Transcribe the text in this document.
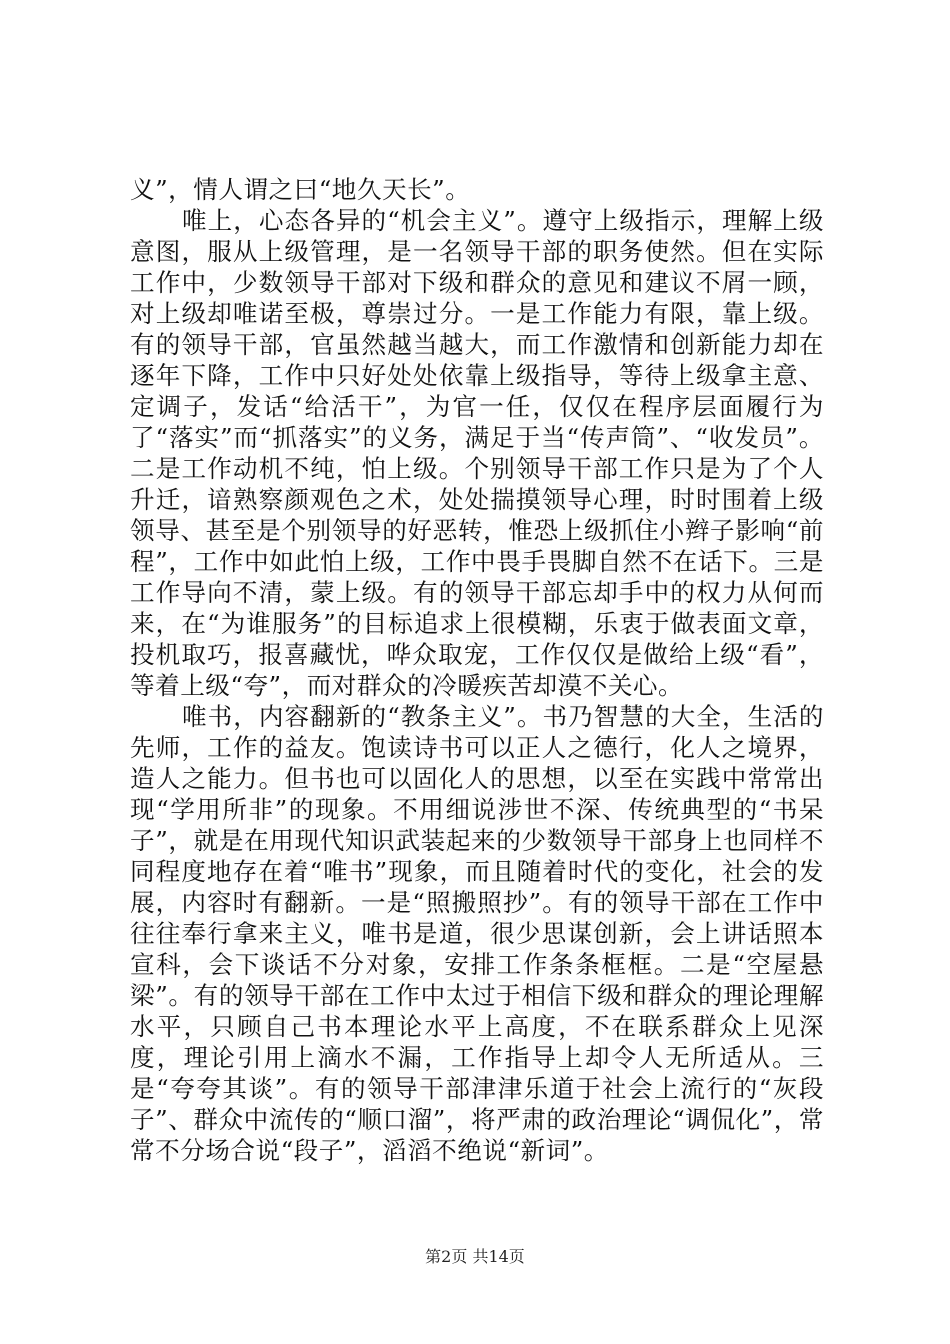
义”，情人谓之曰“地久天长”。

唯上，心态各异的“机会主义”。遵守上级指示，理解上级意图，服从上级管理，是一名领导干部的职务使然。但在实际工作中，少数领导干部对下级和群众的意见和建议不屑一顾，对上级却唯诺至极，尊崇过分。一是工作能力有限，靠上级。有的领导干部，官虽然越当越大，而工作激情和创新能力却在逐年下降，工作中只好处处依靠上级指导，等待上级拿主意、定调子，发话“给活干”，为官一任，仅仅在程序层面履行为了“落实”而“抓落实”的义务，满足于当“传声筒”、“收发员”。二是工作动机不纯，怕上级。个别领导干部工作只是为了个人升迁，谙熟察颜观色之术，处处揣摸领导心理，时时围着上级领导、甚至是个别领导的好恶转，惟恐上级抓住小辫子影响“前程”，工作中如此怕上级，工作中畏手畏脚自然不在话下。三是工作导向不清，蒙上级。有的领导干部忘却手中的权力从何而来，在“为谁服务”的目标追求上很模糊，乐衷于做表面文章，投机取巧，报喜藏忧，哗众取宠，工作仅仅是做给上级“看”，等着上级“夸”，而对群众的冷暖疾苦却漠不关心。

唯书，内容翻新的“教条主义”。书乃智慧的大全，生活的先师，工作的益友。饱读诗书可以正人之德行，化人之境界，造人之能力。但书也可以固化人的思想，以至在实践中常常出现“学用所非”的现象。不用细说涉世不深、传统典型的“书呆子”，就是在用现代知识武装起来的少数领导干部身上也同样不同程度地存在着“唯书”现象，而且随着时代的变化，社会的发展，内容时有翻新。一是“照搬照抄”。有的领导干部在工作中往往奉行拿来主义，唯书是道，很少思谋创新，会上讲话照本宣科，会下谈话不分对象，安排工作条条框框。二是“空屋悬梁”。有的领导干部在工作中太过于相信下级和群众的理论理解水平，只顾自己书本理论水平上高度，不在联系群众上见深度，理论引用上滴水不漏，工作指导上却令人无所适从。三是“夸夸其谈”。有的领导干部津津乐道于社会上流行的“灰段子”、群众中流传的“顺口溜”，将严肃的政治理论“调侃化”，常常不分场合说“段子”，滔滔不绝说“新词”。

第2页 共14页
